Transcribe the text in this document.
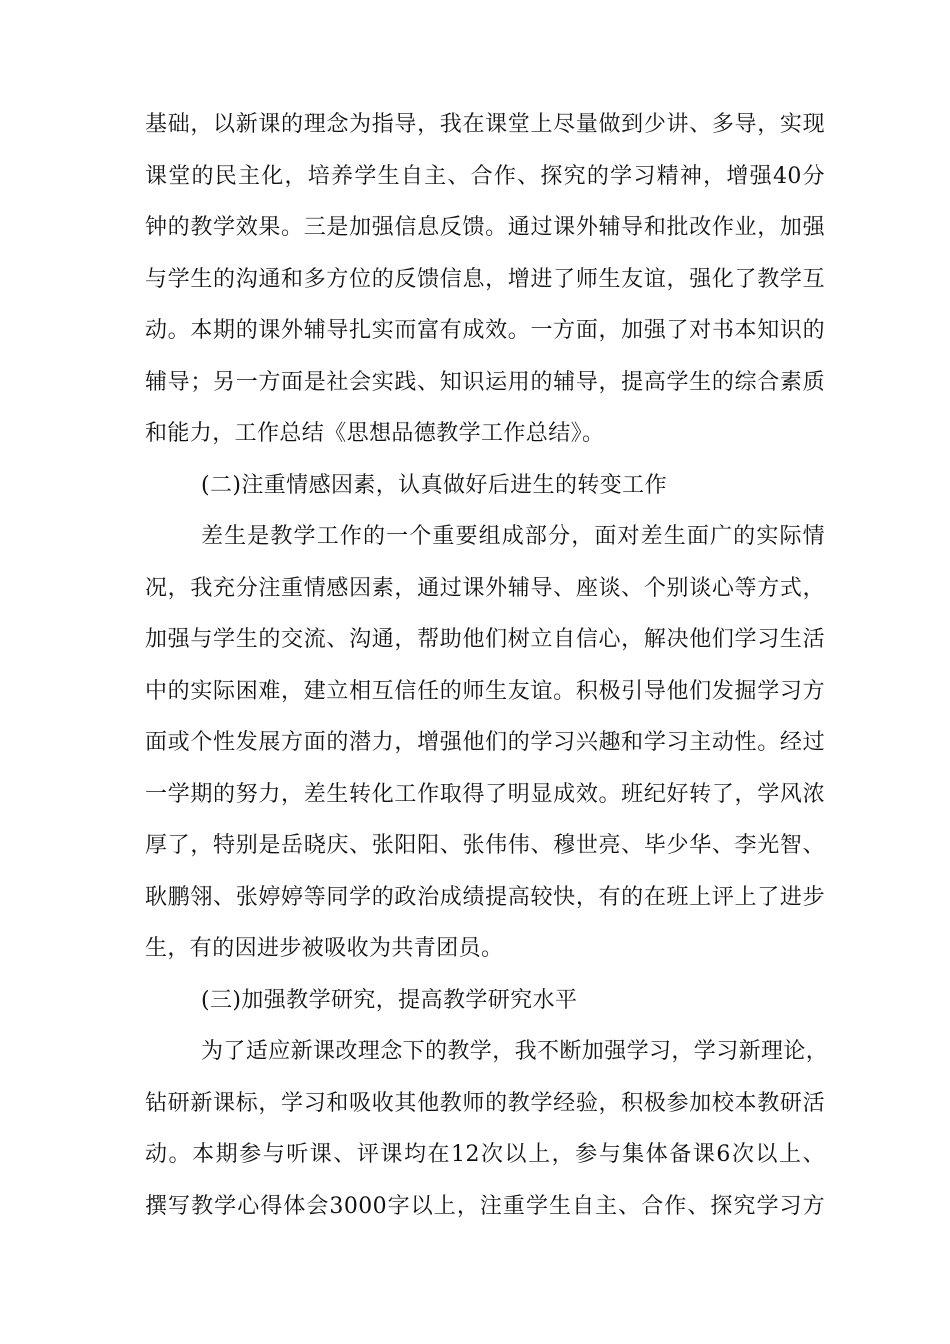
基础，以新课的理念为指导，我在课堂上尽量做到少讲、多导，实现
课堂的民主化，培养学生自主、合作、探究的学习精神，增强40分
钟的教学效果。三是加强信息反馈。通过课外辅导和批改作业，加强
与学生的沟通和多方位的反馈信息，增进了师生友谊，强化了教学互
动。本期的课外辅导扎实而富有成效。一方面，加强了对书本知识的
辅导；另一方面是社会实践、知识运用的辅导，提高学生的综合素质
和能力，工作总结《思想品德教学工作总结》。
(二)注重情感因素，认真做好后进生的转变工作
差生是教学工作的一个重要组成部分，面对差生面广的实际情
况，我充分注重情感因素，通过课外辅导、座谈、个别谈心等方式，
加强与学生的交流、沟通，帮助他们树立自信心，解决他们学习生活
中的实际困难，建立相互信任的师生友谊。积极引导他们发掘学习方
面或个性发展方面的潜力，增强他们的学习兴趣和学习主动性。经过
一学期的努力，差生转化工作取得了明显成效。班纪好转了，学风浓
厚了，特别是岳晓庆、张阳阳、张伟伟、穆世亮、毕少华、李光智、
耿鹏翎、张婷婷等同学的政治成绩提高较快，有的在班上评上了进步
生，有的因进步被吸收为共青团员。
(三)加强教学研究，提高教学研究水平
为了适应新课改理念下的教学，我不断加强学习，学习新理论，
钻研新课标，学习和吸收其他教师的教学经验，积极参加校本教研活
动。本期参与听课、评课均在12次以上，参与集体备课6次以上、
撰写教学心得体会3000字以上，注重学生自主、合作、探究学习方
